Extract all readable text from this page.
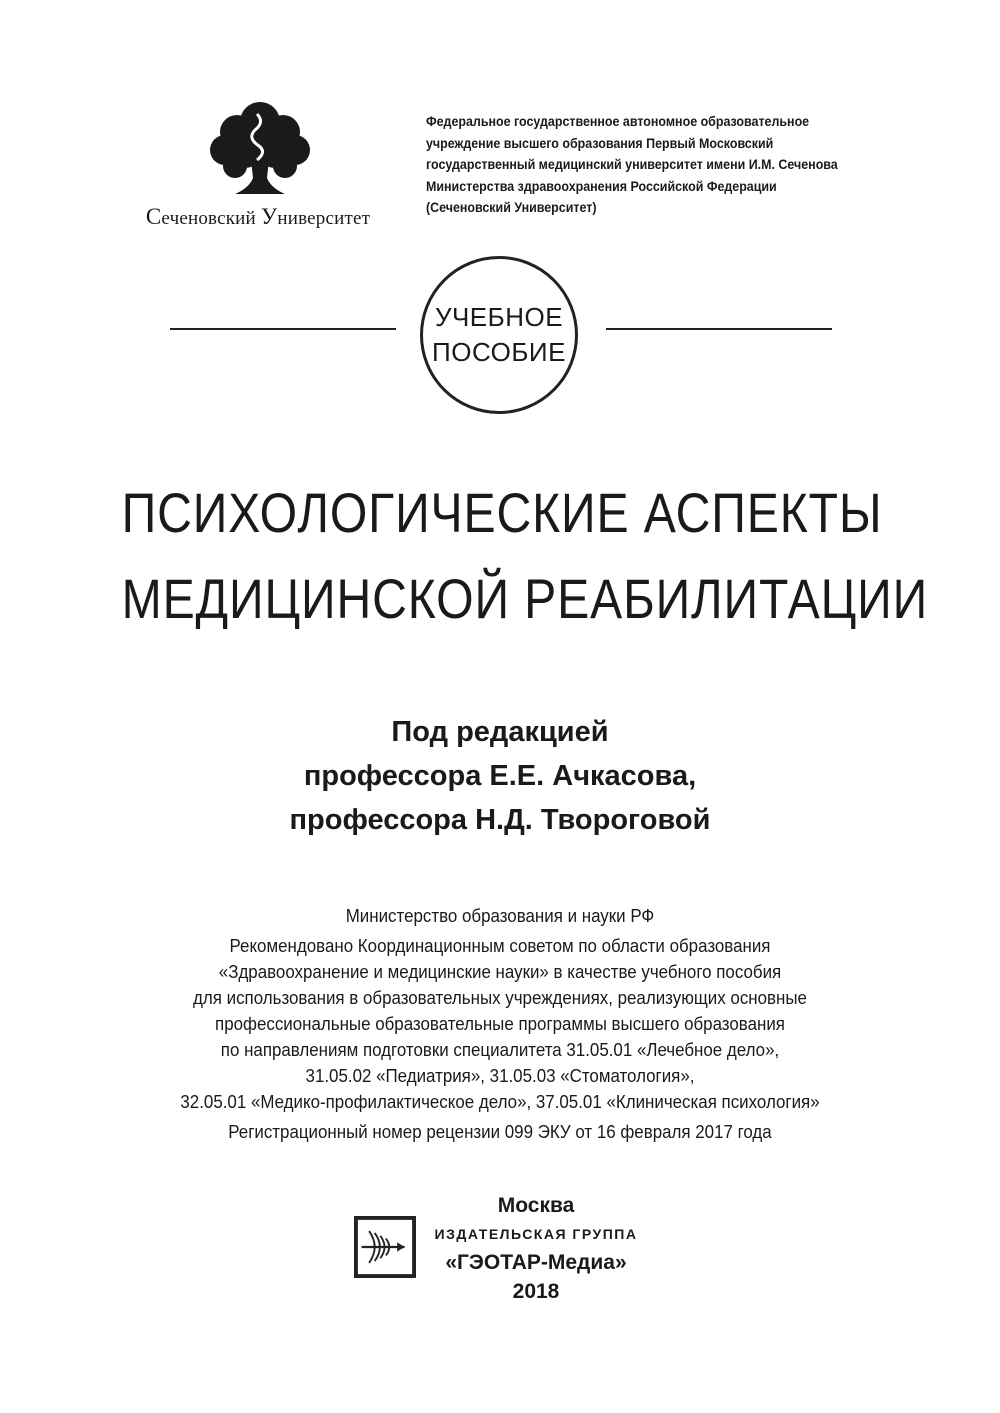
Сеченовский Университет
Федеральное государственное автономное образовательное
учреждение высшего образования Первый Московский
государственный медицинский университет имени И.М. Сеченова
Министерства здравоохранения Российской Федерации
(Сеченовский Университет)
УЧЕБНОЕ
ПОСОБИЕ
ПСИХОЛОГИЧЕСКИЕ АСПЕКТЫ
МЕДИЦИНСКОЙ РЕАБИЛИТАЦИИ
Под редакцией
профессора Е.Е. Ачкасова,
профессора Н.Д. Твороговой
Министерство образования и науки РФ
Рекомендовано Координационным советом по области образования
«Здравоохранение и медицинские науки» в качестве учебного пособия
для использования в образовательных учреждениях, реализующих основные
профессиональные образовательные программы высшего образования
по направлениям подготовки специалитета 31.05.01 «Лечебное дело»,
31.05.02 «Педиатрия», 31.05.03 «Стоматология»,
32.05.01 «Медико-профилактическое дело», 37.05.01 «Клиническая психология»
Регистрационный номер рецензии 099 ЭКУ от 16 февраля 2017 года
Москва
ИЗДАТЕЛЬСКАЯ ГРУППА
«ГЭОТАР-Медиа»
2018
